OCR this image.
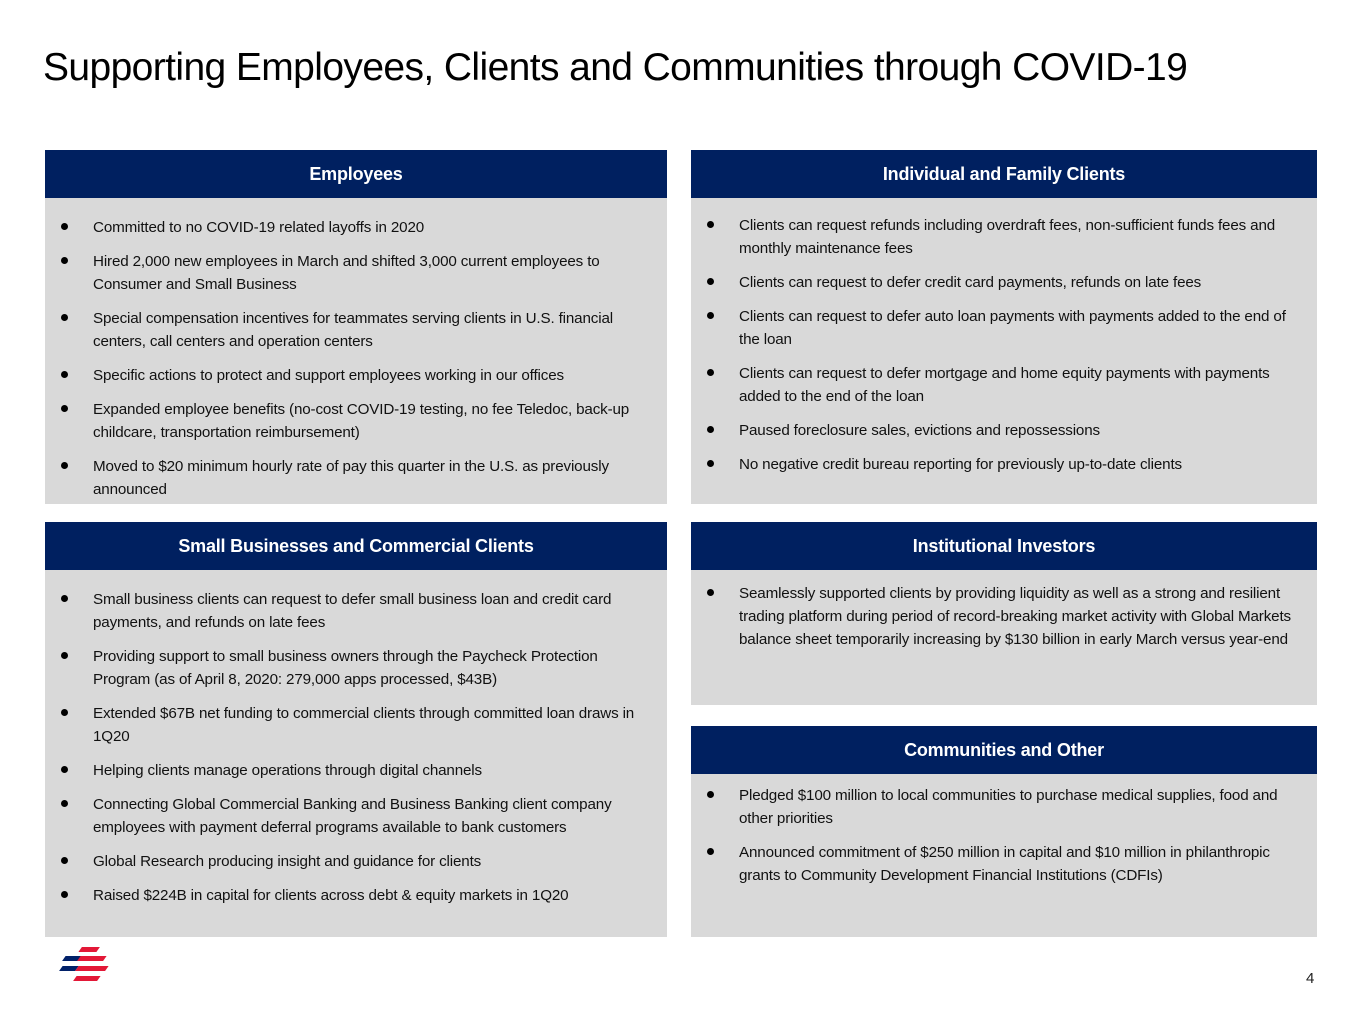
Supporting Employees, Clients and Communities through COVID-19
Employees
Committed to no COVID-19 related layoffs in 2020
Hired 2,000 new employees in March and shifted 3,000 current employees to Consumer and Small Business
Special compensation incentives for teammates serving clients in U.S. financial centers, call centers and operation centers
Specific actions to protect and support employees working in our offices
Expanded employee benefits (no-cost COVID-19 testing, no fee Teledoc, back-up childcare, transportation reimbursement)
Moved to $20 minimum hourly rate of pay this quarter in the U.S. as previously announced
Individual and Family Clients
Clients can request refunds including overdraft fees, non-sufficient funds fees and monthly maintenance fees
Clients can request to defer credit card payments, refunds on late fees
Clients can request to defer auto loan payments with payments added to the end of the loan
Clients can request to defer mortgage and home equity payments with payments added to the end of the loan
Paused foreclosure sales, evictions and repossessions
No negative credit bureau reporting for previously up-to-date clients
Small Businesses and Commercial Clients
Small business clients can request to defer small business loan and credit card payments, and refunds on late fees
Providing support to small business owners through the Paycheck Protection Program (as of April 8, 2020: 279,000 apps processed, $43B)
Extended $67B net funding to commercial clients through committed loan draws in 1Q20
Helping clients manage operations through digital channels
Connecting Global Commercial Banking and Business Banking client company employees with payment deferral programs available to bank customers
Global Research producing insight and guidance for clients
Raised $224B in capital for clients across debt & equity markets in 1Q20
Institutional Investors
Seamlessly supported clients by providing liquidity as well as a strong and resilient trading platform during period of record-breaking market activity with Global Markets balance sheet temporarily increasing by $130 billion in early March versus year-end
Communities and Other
Pledged $100 million to local communities to purchase medical supplies, food and other priorities
Announced commitment of $250 million in capital and $10 million in philanthropic grants to Community Development Financial Institutions (CDFIs)
4
